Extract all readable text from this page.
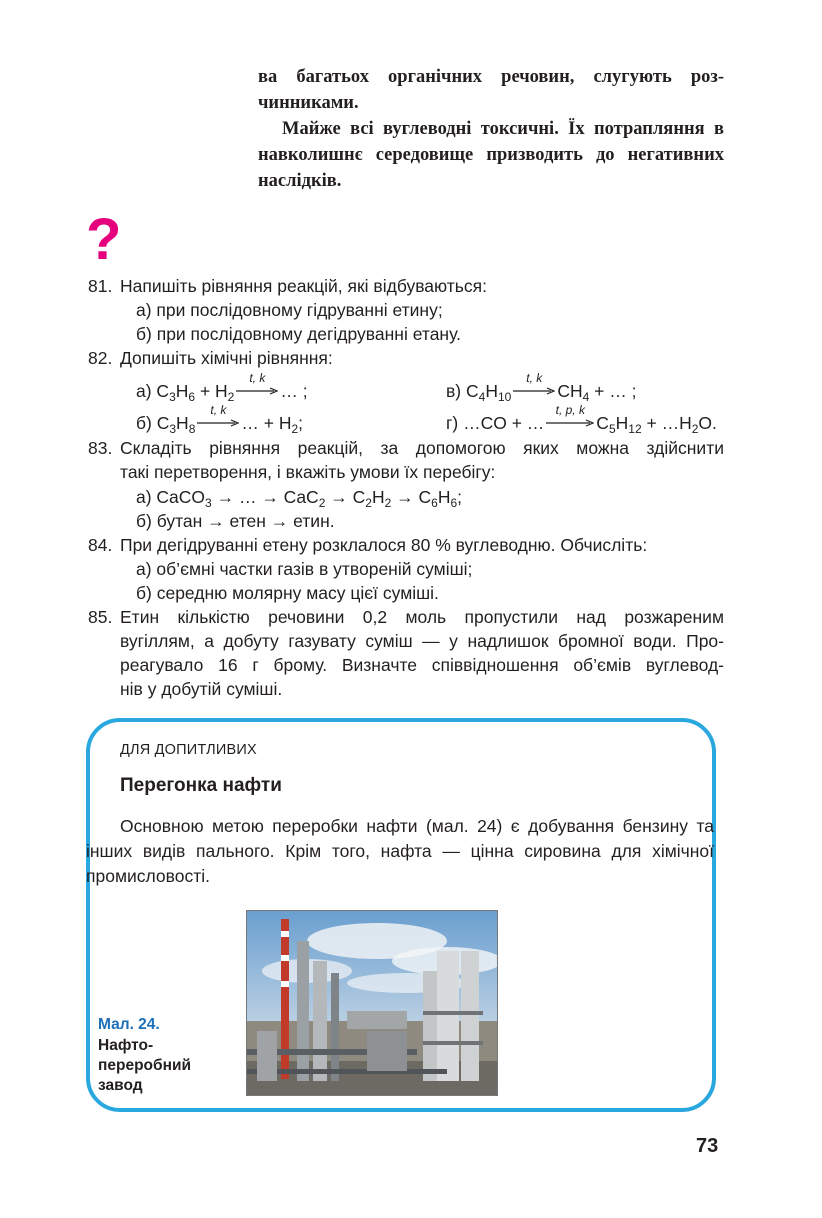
ва багатьох органічних речовин, слугують розчинниками.

Майже всі вуглеводні токсичні. Їх потрапляння в навколишнє середовище призводить до негативних наслідків.

?
81. Напишіть рівняння реакцій, які відбуваються:
а) при послідовному гідруванні етину;
б) при послідовному дегідруванні етану.
82. Допишіть хімічні рівняння:
а) $C_3H_6 + H_2$
t, k
… ;	в) $C_4H_{10}$
t, k
$CH_4$ + … ;
б) $C_3H_8$
t, k
… + $H_2$;	г) …CO + …
t, p, k
$C_5H_{12}$ + $\dots H_2O$.
83. Складіть рівняння реакцій, за допомогою яких можна здійснити
такі перетворення, і вкажіть умови їх перебігу:
а) CaCO$_3$ → … → $CaC_2 \to C_2H_2 \to C_6H_6$;
б) бутан → етен → етин.
84. При дегідруванні етену розклалося 80 % вуглеводню. Обчисліть:
а) об’ємні частки газів в утвореній суміші;
б) середню молярну масу цієї суміші.
85. Етин кількістю речовини 0,2 моль пропустили над розжареним
вугіллям, а добуту газувату суміш — у надлишок бромної води. Про-
реагувало 16 г брому. Визначте співвідношення об’ємів вуглевод-
нів у добутій суміші.
ДЛЯ ДОПИТЛИВИХ
Перегонка нафти

Основною метою переробки нафти (мал. 24) є добування бензину та інших видів пального. Крім того, нафта — цінна сировина для хімічної промисловості.

Мал. 24.
Нафто-переробний завод
73
